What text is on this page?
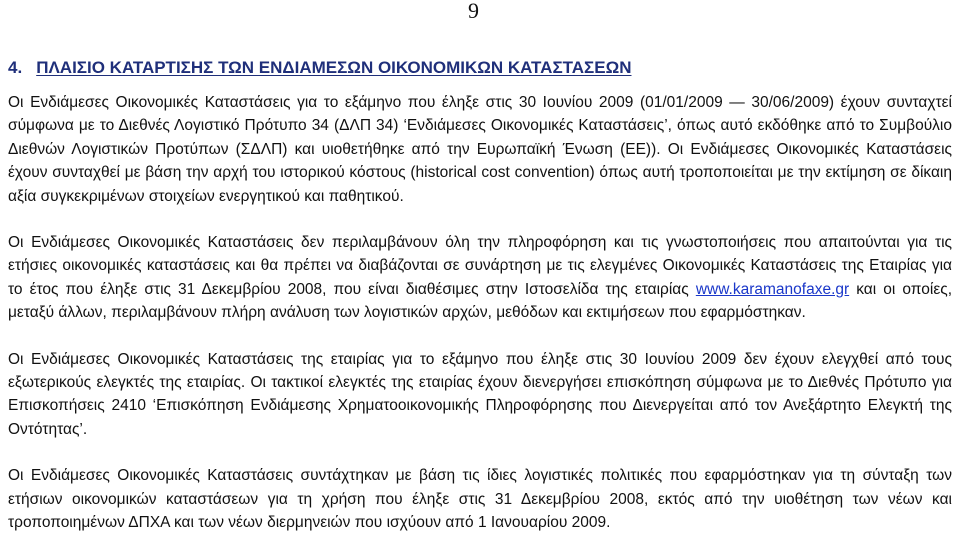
9
4. ΠΛΑΙΣΙΟ ΚΑΤΑΡΤΙΣΗΣ ΤΩΝ ΕΝΔΙΑΜΕΣΩΝ ΟΙΚΟΝΟΜΙΚΩΝ ΚΑΤΑΣΤΑΣΕΩΝ

Οι Ενδιάμεσες Οικονομικές Καταστάσεις για το εξάμηνο που έληξε στις 30 Ιουνίου 2009 (01/01/2009 ― 30/06/2009) έχουν συνταχτεί σύμφωνα με το Διεθνές Λογιστικό Πρότυπο 34 (ΔΛΠ 34) ‘Ενδιάμεσες Οικονομικές Καταστάσεις’, όπως αυτό εκδόθηκε από το Συμβούλιο Διεθνών Λογιστικών Προτύπων (ΣΔΛΠ) και υιοθετήθηκε από την Ευρωπαϊκή Ένωση (ΕΕ)). Οι Ενδιάμεσες Οικονομικές Καταστάσεις έχουν συνταχθεί με βάση την αρχή του ιστορικού κόστους (historical cost convention) όπως αυτή τροποποιείται με την εκτίμηση σε δίκαιη αξία συγκεκριμένων στοιχείων ενεργητικού και παθητικού.

Οι Ενδιάμεσες Οικονομικές Καταστάσεις δεν περιλαμβάνουν όλη την πληροφόρηση και τις γνωστοποιήσεις που απαιτούνται για τις ετήσιες οικονομικές καταστάσεις και θα πρέπει να διαβάζονται σε συνάρτηση με τις ελεγμένες Οικονομικές Καταστάσεις της Εταιρίας για το έτος που έληξε στις 31 Δεκεμβρίου 2008, που είναι διαθέσιμες στην Ιστοσελίδα της εταιρίας www.karamanofaxe.gr και οι οποίες, μεταξύ άλλων, περιλαμβάνουν πλήρη ανάλυση των λογιστικών αρχών, μεθόδων και εκτιμήσεων που εφαρμόστηκαν.

Οι Ενδιάμεσες Οικονομικές Καταστάσεις της εταιρίας για το εξάμηνο που έληξε στις 30 Ιουνίου 2009 δεν έχουν ελεγχθεί από τους εξωτερικούς ελεγκτές της εταιρίας. Οι τακτικοί ελεγκτές της εταιρίας έχουν διενεργήσει επισκόπηση σύμφωνα με το Διεθνές Πρότυπο για Επισκοπήσεις 2410 ‘Επισκόπηση Ενδιάμεσης Χρηματοοικονομικής Πληροφόρησης που Διενεργείται από τον Ανεξάρτητο Ελεγκτή της Οντότητας’.

Οι Ενδιάμεσες Οικονομικές Καταστάσεις συντάχτηκαν με βάση τις ίδιες λογιστικές πολιτικές που εφαρμόστηκαν για τη σύνταξη των ετήσιων οικονομικών καταστάσεων για τη χρήση που έληξε στις 31 Δεκεμβρίου 2008, εκτός από την υιοθέτηση των νέων και τροποποιημένων ΔΠΧΑ και των νέων διερμηνειών που ισχύουν από 1 Ιανουαρίου 2009.
